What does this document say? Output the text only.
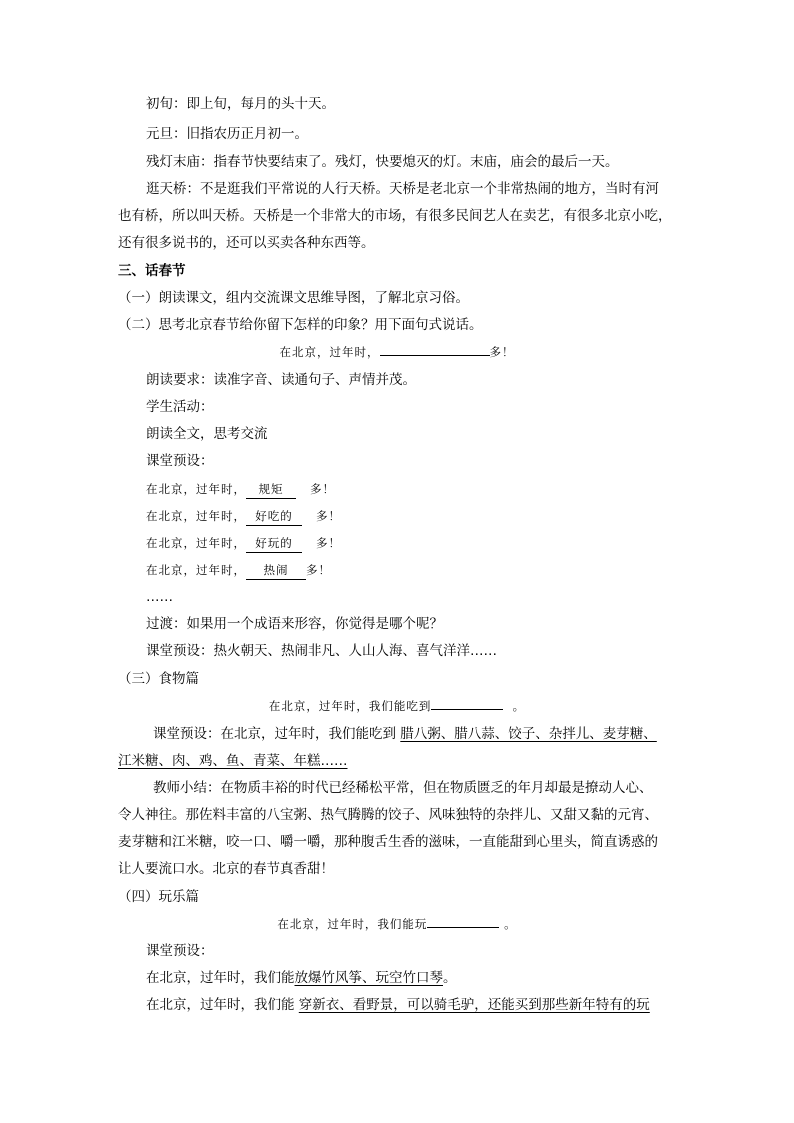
初旬：即上旬，每月的头十天。
元旦：旧指农历正月初一。
残灯末庙：指春节快要结束了。残灯，快要熄灭的灯。末庙，庙会的最后一天。
逛天桥：不是逛我们平常说的人行天桥。天桥是老北京一个非常热闹的地方，当时有河
也有桥，所以叫天桥。天桥是一个非常大的市场，有很多民间艺人在卖艺，有很多北京小吃，
还有很多说书的，还可以买卖各种东西等。
三、话春节
（一）朗读课文，组内交流课文思维导图，了解北京习俗。
（二）思考北京春节给你留下怎样的印象？用下面句式说话。
在北京，过年时，	多！
朗读要求：读准字音、读通句子、声情并茂。
学生活动：
朗读全文，思考交流
课堂预设：
在北京，过年时， 规矩 多！
在北京，过年时， 好吃的 多！
在北京，过年时， 好玩的 多！
在北京，过年时， 热闹 多！
……
过渡：如果用一个成语来形容，你觉得是哪个呢？
课堂预设：热火朝天、热闹非凡、人山人海、喜气洋洋……
（三）食物篇
在北京，过年时，我们能吃到	。
课堂预设：在北京，过年时，我们能吃到 腊八粥、腊八蒜、饺子、杂拌儿、麦芽糖、
江米糖、肉、鸡、鱼、青菜、年糕……
教师小结：在物质丰裕的时代已经稀松平常，但在物质匮乏的年月却最是撩动人心、
令人神往。那佐料丰富的八宝粥、热气腾腾的饺子、风味独特的杂拌儿、又甜又黏的元宵、
麦芽糖和江米糖，咬一口、嚼一嚼，那种腹舌生香的滋味，一直能甜到心里头，简直诱惑的
让人要流口水。北京的春节真香甜！
（四）玩乐篇
在北京，过年时，我们能玩	。
课堂预设：
在北京，过年时，我们能放爆竹风筝、玩空竹口琴。
在北京，过年时，我们能 穿新衣、看野景，可以骑毛驴，还能买到那些新年特有的玩
